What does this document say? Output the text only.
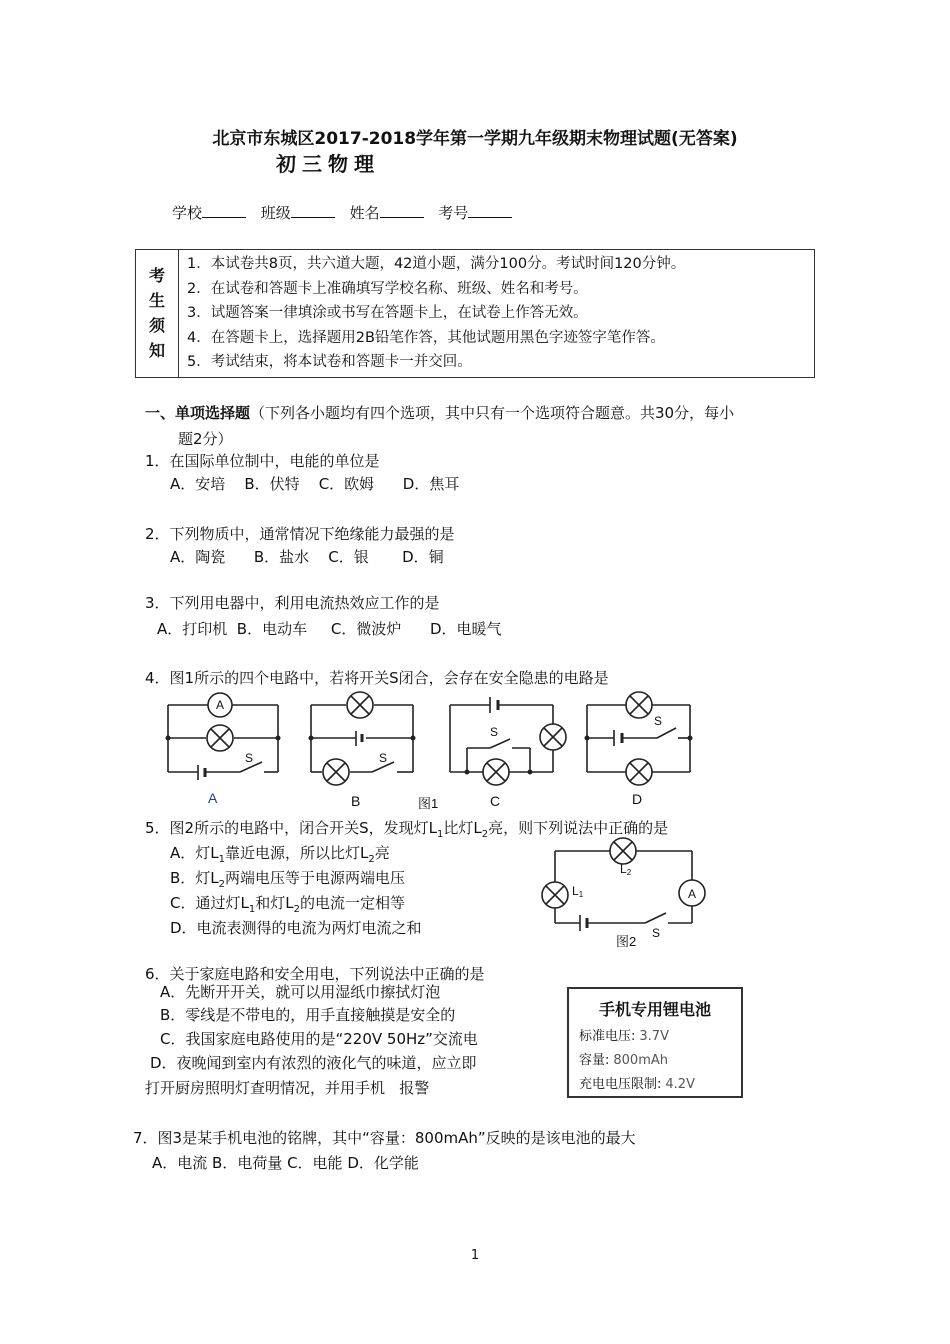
北京市东城区2017-2018学年第一学期九年级期末物理试题(无答案)
初三物理
学校	班级	姓名	考号
考
生
须
知

1．本试卷共8页，共六道大题，42道小题，满分100分。考试时间120分钟。
2．在试卷和答题卡上准确填写学校名称、班级、姓名和考号。
3．试题答案一律填涂或书写在答题卡上，在试卷上作答无效。
4．在答题卡上，选择题用2B铅笔作答，其他试题用黑色字迹签字笔作答。
5．考试结束，将本试卷和答题卡一并交回。
一、单项选择题（下列各小题均有四个选项，其中只有一个选项符合题意。共30分，每小
题2分）
1．在国际单位制中，电能的单位是
A．安培    B．伏特    C．欧姆      D．焦耳
2．下列物质中，通常情况下绝缘能力最强的是
A．陶瓷      B．盐水    C．银       D．铜
3．下列用电器中，利用电流热效应工作的是
A．打印机  B．电动车     C．微波炉      D．电暖气
4．图1所示的四个电路中，若将开关S闭合，会存在安全隐患的电路是
A
S	S
S
S
A	B	图1	C	D
5．图2所示的电路中，闭合开关S，发现灯$L_1$比灯$L_2$亮，则下列说法中正确的是
A．灯$L_1$靠近电源，所以比灯$L_2$亮
B．灯$L_2$两端电压等于电源两端电压
C．通过灯$L_1$和灯$L_2$的电流一定相等
D．电流表测得的电流为两灯电流之和
L2
L1	A
S
图2
6．关于家庭电路和安全用电，下列说法中正确的是
A．先断开开关，就可以用湿纸巾擦拭灯泡
B．零线是不带电的，用手直接触摸是安全的
C．我国家庭电路使用的是“220V 50Hz”交流电
D．夜晚闻到室内有浓烈的液化气的味道，应立即
打开厨房照明灯查明情况，并用手机   报警
手机专用锂电池
标准电压: 3.7V
容量: 800mAh
充电电压限制: 4.2V
7．图3是某手机电池的铭牌，其中“容量：800mAh”反映的是该电池的最大
A．电流 B．电荷量 C．电能 D．化学能
1
